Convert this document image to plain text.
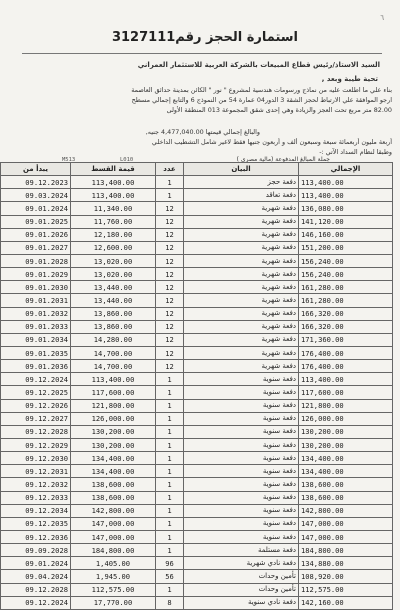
٦
استمارة الحجز رقم3127111
السيد الاستاذ/رئيس قطاع المبيعات بالشركة العربية للاستثمار العمراني
تحية طيبة وبعد ,
بناء علي ما اطلعت عليه من نماذج ورسومات هندسية لمشروع " نور " الكائن بمدينة حدائق العاصمة
ارجو الموافقة علي الارتباط لحجز الشقة 3 الدور04 عمارة 54 من النموذج 6 والتابع إجمالي مسطح
82.00 متر مربع تحت العجز والزيادة وهي إحدى شقق المجموعة 013 المنطقة الأولى
والبالغ إجمالي قيمتها 4,477,040.00 جنيه,
أربعة مليون أربعمائة سبعة وسبعون ألف و أربعون جنيها فقط لاغير شامل التشطيب الداخلي
وطبقا لنظام السداد الآتي :-
M513	L010	جملة المبالغ المدفوعة (مالية مصري )
يبدأ من	قيمة القسط	عدد	البيان	الإجمالي
09.12.2023	113,400.00	1	دفعة حجز	113,400.00
09.03.2024	113,400.00	1	دفعة تعاقد	113,400.00
09.01.2024	11,340.00	12	دفعة شهرية	136,080.00
09.01.2025	11,760.00	12	دفعة شهرية	141,120.00
09.01.2026	12,180.00	12	دفعة شهرية	146,160.00
09.01.2027	12,600.00	12	دفعة شهرية	151,200.00
09.01.2028	13,020.00	12	دفعة شهرية	156,240.00
09.01.2029	13,020.00	12	دفعة شهرية	156,240.00
09.01.2030	13,440.00	12	دفعة شهرية	161,280.00
09.01.2031	13,440.00	12	دفعة شهرية	161,280.00
09.01.2032	13,860.00	12	دفعة شهرية	166,320.00
09.01.2033	13,860.00	12	دفعة شهرية	166,320.00
09.01.2034	14,280.00	12	دفعة شهرية	171,360.00
09.01.2035	14,700.00	12	دفعة شهرية	176,400.00
09.01.2036	14,700.00	12	دفعة شهرية	176,400.00
09.12.2024	113,400.00	1	دفعة سنوية	113,400.00
09.12.2025	117,600.00	1	دفعة سنوية	117,600.00
09.12.2026	121,800.00	1	دفعة سنوية	121,800.00
09.12.2027	126,000.00	1	دفعة سنوية	126,000.00
09.12.2028	130,200.00	1	دفعة سنوية	130,200.00
09.12.2029	130,200.00	1	دفعة سنوية	130,200.00
09.12.2030	134,400.00	1	دفعة سنوية	134,400.00
09.12.2031	134,400.00	1	دفعة سنوية	134,400.00
09.12.2032	138,600.00	1	دفعة سنوية	138,600.00
09.12.2033	138,600.00	1	دفعة سنوية	138,600.00
09.12.2034	142,800.00	1	دفعة سنوية	142,800.00
09.12.2035	147,000.00	1	دفعة سنوية	147,000.00
09.12.2036	147,000.00	1	دفعة سنوية	147,000.00
09.09.2028	184,800.00	1	دفعة مستلمة	184,800.00
09.01.2024	1,405.00	96	دفعة نادي شهرية	134,880.00
09.04.2024	1,945.00	56	تأمين وحدات	108,920.00
09.12.2028	112,575.00	1	تأمين وحدات	112,575.00
09.12.2024	17,770.00	8	دفعة نادي سنوية	142,160.00
